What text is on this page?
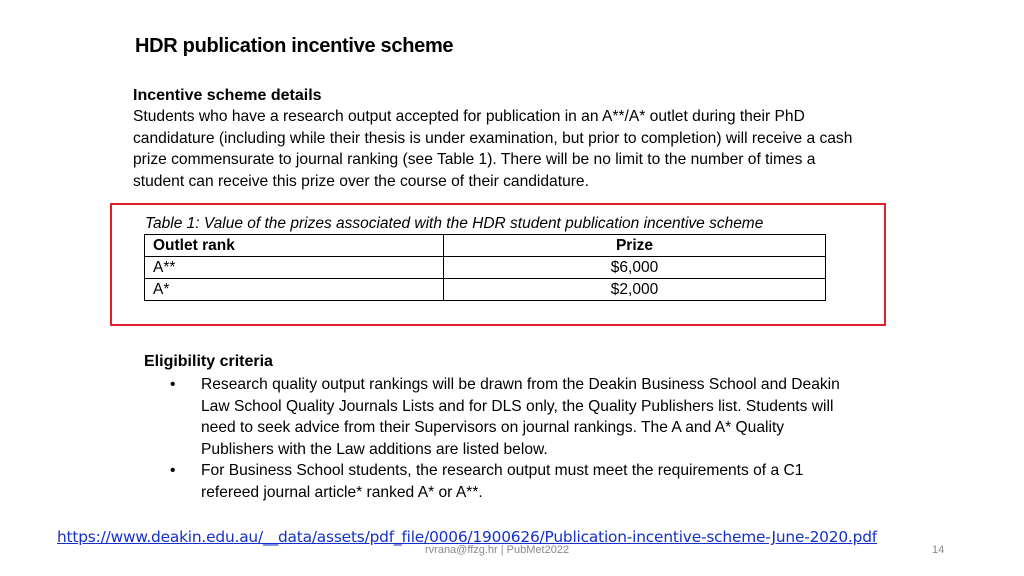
HDR publication incentive scheme
Incentive scheme details

Students who have a research output accepted for publication in an A**/A* outlet during their PhD
candidature (including while their thesis is under examination, but prior to completion) will receive a cash
prize commensurate to journal ranking (see Table 1). There will be no limit to the number of times a
student can receive this prize over the course of their candidature.

Table 1: Value of the prizes associated with the HDR student publication incentive scheme

Outlet rank	Prize
A**	$6,000
A*	$2,000
Eligibility criteria
• Research quality output rankings will be drawn from the Deakin Business School and Deakin
Law School Quality Journals Lists and for DLS only, the Quality Publishers list. Students will
need to seek advice from their Supervisors on journal rankings. The A and A* Quality
Publishers with the Law additions are listed below.
• For Business School students, the research output must meet the requirements of a C1
refereed journal article* ranked A* or A**.
https://www.deakin.edu.au/__data/assets/pdf_file/0006/1900626/Publication-incentive-scheme-June-2020.pdf
rvrana@ffzg.hr | PubMet2022	14
